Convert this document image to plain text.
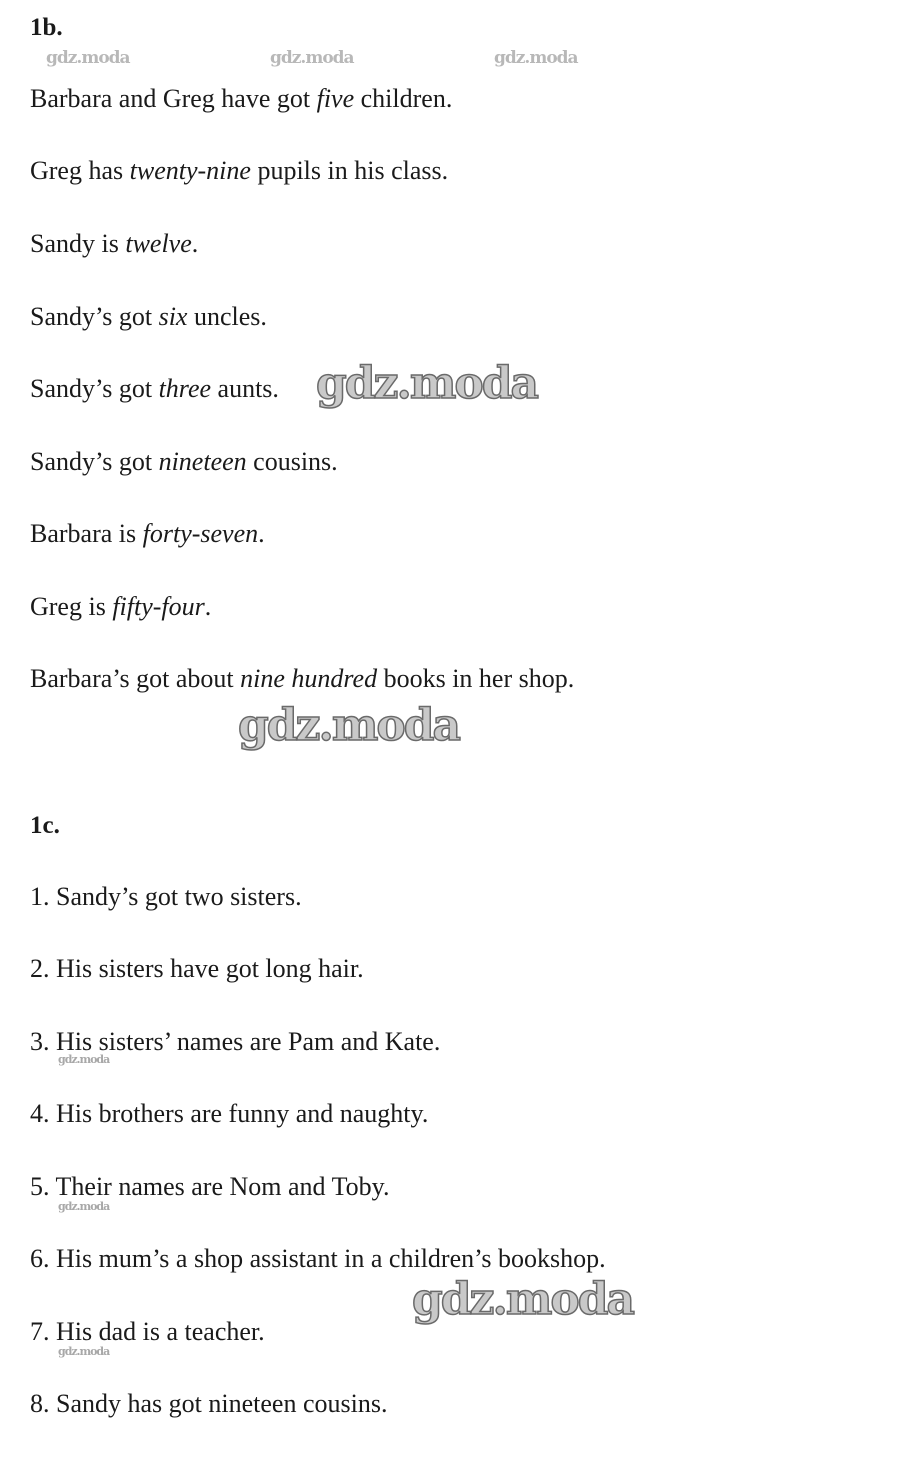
1b.
gdz.moda	gdz.moda	gdz.moda

Barbara and Greg have got five children.

Greg has twenty-nine pupils in his class.

Sandy is twelve.

Sandy’s got six uncles.

Sandy’s got three aunts. gdz.moda

Sandy’s got nineteen cousins.

Barbara is forty-seven.

Greg is fifty-four.

Barbara’s got about nine hundred books in her shop.

gdz.moda
1c.

1. Sandy’s got two sisters.

2. His sisters have got long hair.

3. His sisters’ names are Pam and Kate.

gdz.moda

4. His brothers are funny and naughty.

5. Their names are Nom and Toby.

gdz.moda

6. His mum’s a shop assistant in a children’s bookshop.

gdz.moda

7. His dad is a teacher.

gdz.moda

8. Sandy has got nineteen cousins.
